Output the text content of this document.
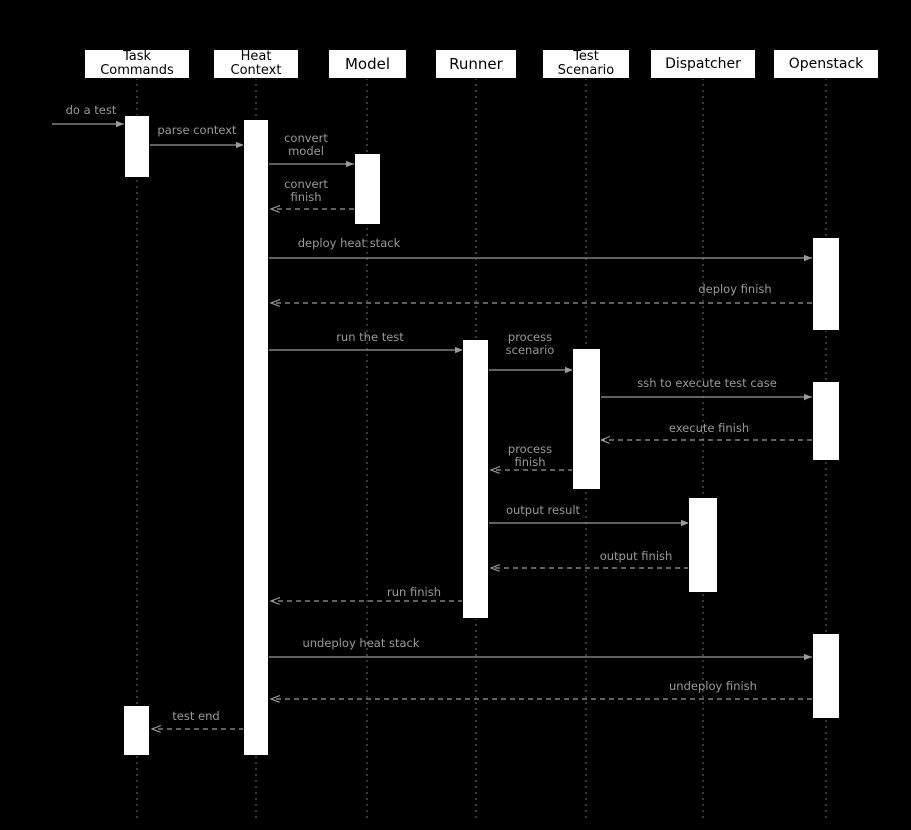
Task
Commands
Heat
Context	Model	Runner	Test
Scenario	Dispatcher	Openstack
do a test
parse context
convert
model
convert
finish
deploy heat stack
deploy finish
run the test	process
scenario
ssh to execute test case
execute finish
process
finish
output result
output finish
run finish
undeploy heat stack
undeploy finish
test end
